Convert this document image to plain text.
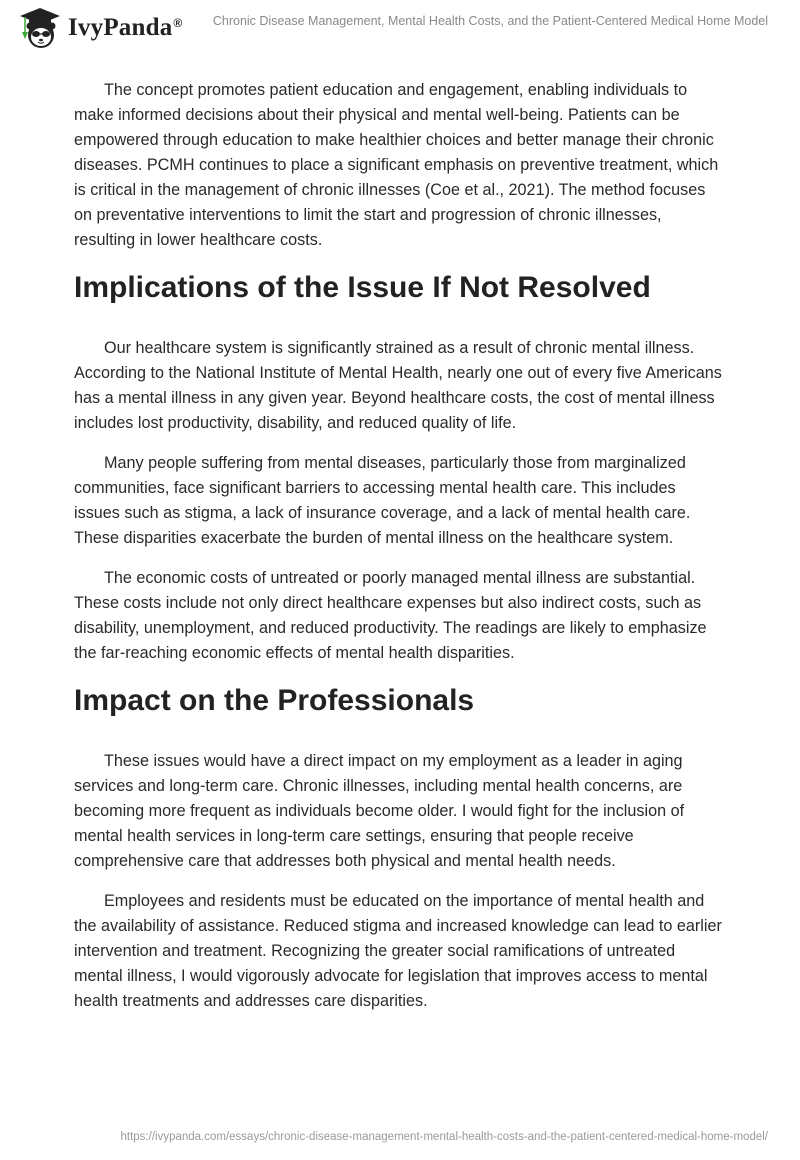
IvyPanda® Chronic Disease Management, Mental Health Costs, and the Patient-Centered Medical Home Model

The concept promotes patient education and engagement, enabling individuals to make informed decisions about their physical and mental well-being. Patients can be empowered through education to make healthier choices and better manage their chronic diseases. PCMH continues to place a significant emphasis on preventive treatment, which is critical in the management of chronic illnesses (Coe et al., 2021). The method focuses on preventative interventions to limit the start and progression of chronic illnesses, resulting in lower healthcare costs.

Implications of the Issue If Not Resolved

Our healthcare system is significantly strained as a result of chronic mental illness. According to the National Institute of Mental Health, nearly one out of every five Americans has a mental illness in any given year. Beyond healthcare costs, the cost of mental illness includes lost productivity, disability, and reduced quality of life.

Many people suffering from mental diseases, particularly those from marginalized communities, face significant barriers to accessing mental health care. This includes issues such as stigma, a lack of insurance coverage, and a lack of mental health care. These disparities exacerbate the burden of mental illness on the healthcare system.

The economic costs of untreated or poorly managed mental illness are substantial. These costs include not only direct healthcare expenses but also indirect costs, such as disability, unemployment, and reduced productivity. The readings are likely to emphasize the far-reaching economic effects of mental health disparities.

Impact on the Professionals

These issues would have a direct impact on my employment as a leader in aging services and long-term care. Chronic illnesses, including mental health concerns, are becoming more frequent as individuals become older. I would fight for the inclusion of mental health services in long-term care settings, ensuring that people receive comprehensive care that addresses both physical and mental health needs.

Employees and residents must be educated on the importance of mental health and the availability of assistance. Reduced stigma and increased knowledge can lead to earlier intervention and treatment. Recognizing the greater social ramifications of untreated mental illness, I would vigorously advocate for legislation that improves access to mental health treatments and addresses care disparities.

https://ivypanda.com/essays/chronic-disease-management-mental-health-costs-and-the-patient-centered-medical-home-model/
